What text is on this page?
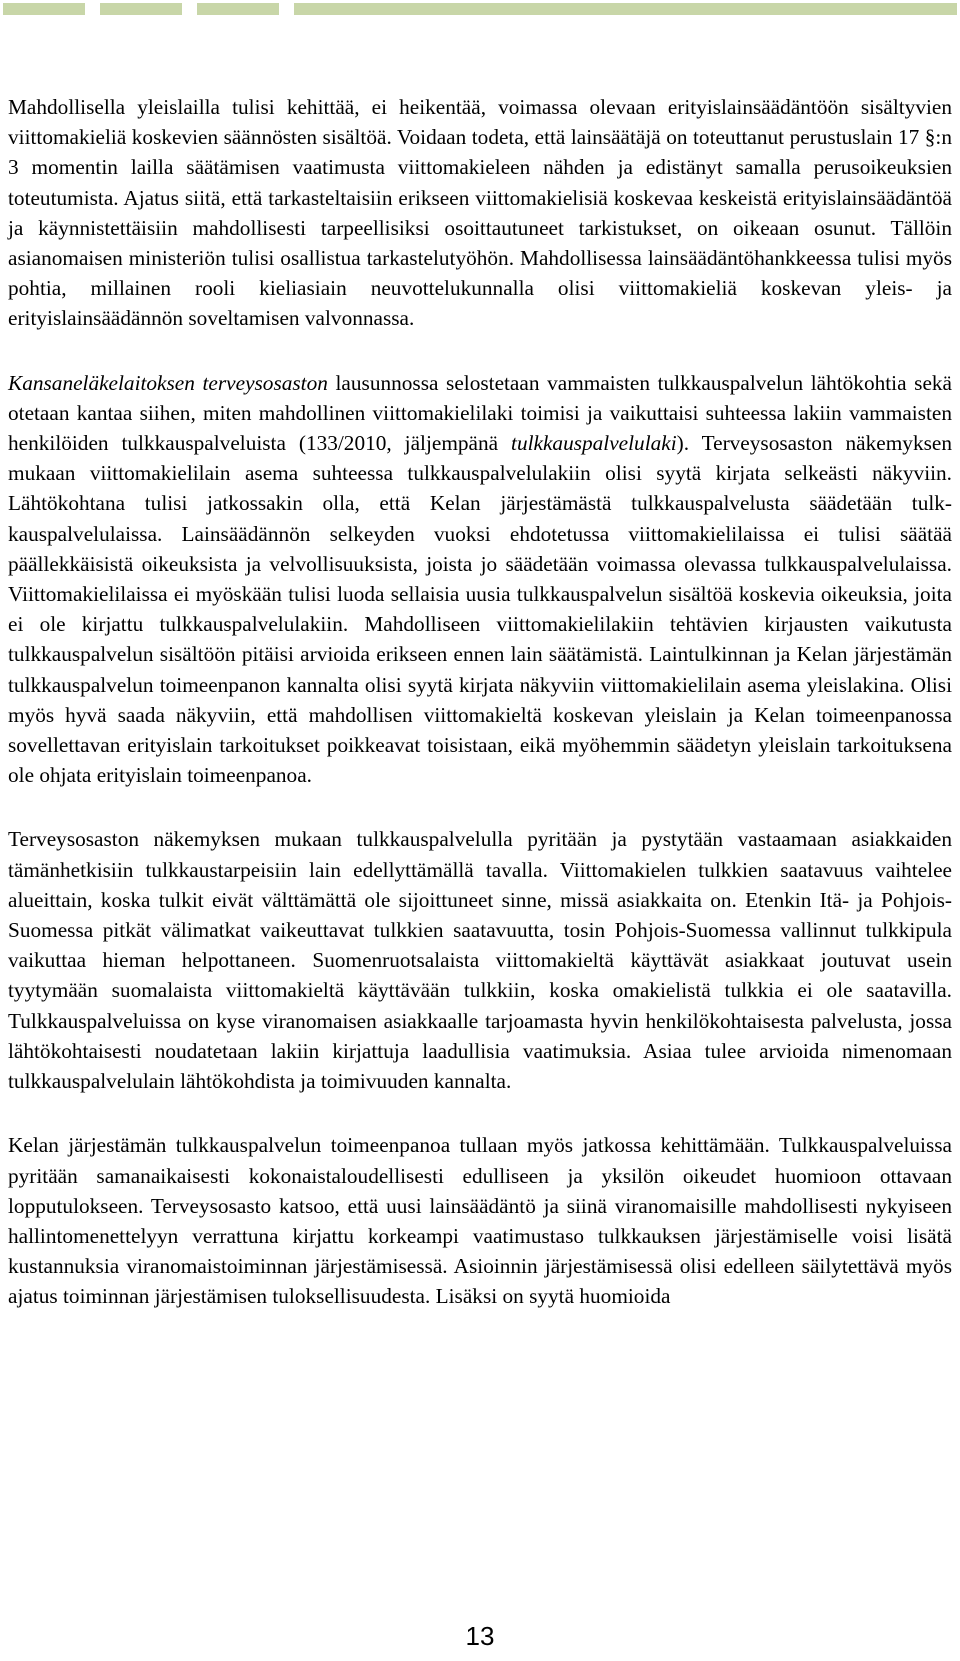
Mahdollisella yleislailla tulisi kehittää, ei heikentää, voimassa olevaan erityislainsäädäntöön sisältyvien viittomakieliä koskevien säännösten sisältöä. Voidaan todeta, että lainsäätäjä on toteuttanut perustuslain 17 §:n 3 momentin lailla säätämisen vaatimusta viittomakieleen nähden ja edistänyt samalla perusoikeuksien toteutumista. Ajatus siitä, että tarkasteltaisiin erikseen viittomakielisiä koskevaa keskeistä erityislainsäädäntöä ja käynnistettäisiin mahdollisesti tarpeellisiksi osoittautuneet tarkistukset, on oikeaan osunut. Tällöin asianomaisen ministeriön tulisi osallistua tarkastelutyöhön. Mahdollisessa lainsäädäntöhankkeessa tulisi myös pohtia, millainen rooli kieliasiain neuvottelukunnalla olisi viittomakieliä koskevan yleis- ja erityislainsäädännön soveltamisen valvonnassa.

Kansaneläkelaitoksen terveysosaston lausunnossa selostetaan vammaisten tulkkauspalvelun lähtökohtia sekä otetaan kantaa siihen, miten mahdollinen viittomakielilaki toimisi ja vaikuttaisi suhteessa lakiin vammaisten henkilöiden tulkkauspalveluista (133/2010, jäljempänä tulkkauspalvelulaki). Terveysosaston näkemyksen mukaan viittomakielilain asema suhteessa tulkkauspalvelulakiin olisi syytä kirjata selkeästi näkyviin. Lähtökohtana tulisi jatkossakin olla, että Kelan järjestämästä tulkkauspalvelusta säädetään tulkkauspalvelulaissa. Lainsäädännön selkeyden vuoksi ehdotetussa viittomakielilaissa ei tulisi säätää päällekkäisistä oikeuksista ja velvollisuuksista, joista jo säädetään voimassa olevassa tulkkauspalvelulaissa. Viittomakielilaissa ei myöskään tulisi luoda sellaisia uusia tulkkauspalvelun sisältöä koskevia oikeuksia, joita ei ole kirjattu tulkkauspalvelulakiin. Mahdolliseen viittomakielilakiin tehtävien kirjausten vaikutusta tulkkauspalvelun sisältöön pitäisi arvioida erikseen ennen lain säätämistä. Laintulkinnan ja Kelan järjestämän tulkkauspalvelun toimeenpanon kannalta olisi syytä kirjata näkyviin viittomakielilain asema yleislakina. Olisi myös hyvä saada näkyviin, että mahdollisen viittomakieltä koskevan yleislain ja Kelan toimeenpanossa sovellettavan erityislain tarkoitukset poikkeavat toisistaan, eikä myöhemmin säädetyn yleislain tarkoituksena ole ohjata erityislain toimeenpanoa.

Terveysosaston näkemyksen mukaan tulkkauspalvelulla pyritään ja pystytään vastaamaan asiakkaiden tämänhetkisiin tulkkaustarpeisiin lain edellyttämällä tavalla. Viittomakielen tulkkien saatavuus vaihtelee alueittain, koska tulkit eivät välttämättä ole sijoittuneet sinne, missä asiakkaita on. Etenkin Itä- ja Pohjois-Suomessa pitkät välimatkat vaikeuttavat tulkkien saatavuutta, tosin Pohjois-Suomessa vallinnut tulkkipula vaikuttaa hieman helpottaneen. Suomenruotsalaista viittomakieltä käyttävät asiakkaat joutuvat usein tyytymään suomalaista viittomakieltä käyttävään tulkkiin, koska omakielistä tulkkia ei ole saatavilla. Tulkkauspalveluissa on kyse viranomaisen asiakkaalle tarjoamasta hyvin henkilökohtaisesta palvelusta, jossa lähtökohtaisesti noudatetaan lakiin kirjattuja laadullisia vaatimuksia. Asiaa tulee arvioida nimenomaan tulkkauspalvelulain lähtökohdista ja toimivuuden kannalta.

Kelan järjestämän tulkkauspalvelun toimeenpanoa tullaan myös jatkossa kehittämään. Tulkkauspalveluissa pyritään samanaikaisesti kokonaistaloudellisesti edulliseen ja yksilön oikeudet huomioon ottavaan lopputulokseen. Terveysosasto katsoo, että uusi lainsäädäntö ja siinä viranomaisille mahdollisesti nykyiseen hallintomenettelyyn verrattuna kirjattu korkeampi vaatimustaso tulkkauksen järjestämiselle voisi lisätä kustannuksia viranomaistoiminnan järjestämisessä. Asioinnin järjestämisessä olisi edelleen säilytettävä myös ajatus toiminnan järjestämisen tuloksellisuudesta. Lisäksi on syytä huomioida

13
